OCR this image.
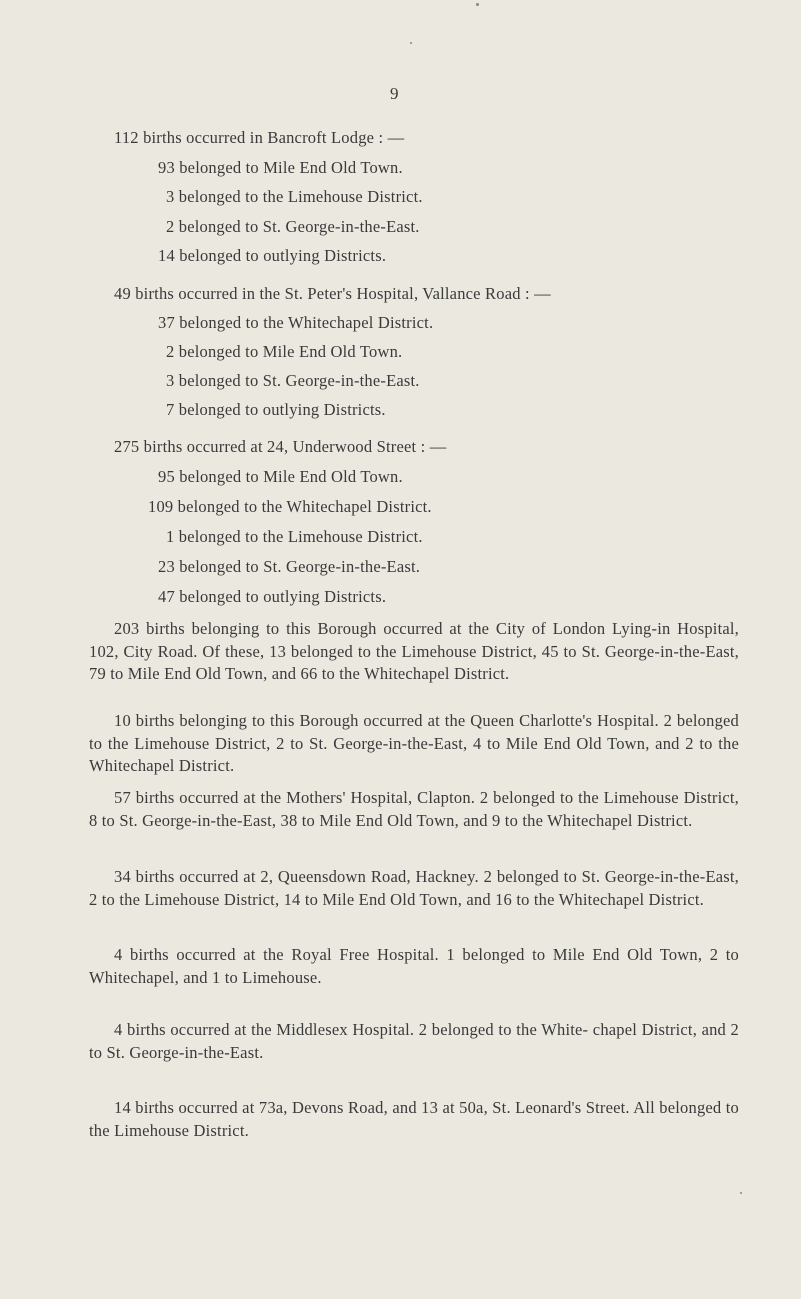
9
112 births occurred in Bancroft Lodge : —
93 belonged to Mile End Old Town.
3 belonged to the Limehouse District.
2 belonged to St. George-in-the-East.
14 belonged to outlying Districts.
49 births occurred in the St. Peter's Hospital, Vallance Road : —
37 belonged to the Whitechapel District.
2 belonged to Mile End Old Town.
3 belonged to St. George-in-the-East.
7 belonged to outlying Districts.
275 births occurred at 24, Underwood Street : —
95 belonged to Mile End Old Town.
109 belonged to the Whitechapel District.
1 belonged to the Limehouse District.
23 belonged to St. George-in-the-East.
47 belonged to outlying Districts.

203 births belonging to this Borough occurred at the City of London Lying-in Hospital, 102, City Road. Of these, 13 belonged to the Limehouse District, 45 to St. George-in-the-East, 79 to Mile End Old Town, and 66 to the Whitechapel District.

10 births belonging to this Borough occurred at the Queen Charlotte's Hospital. 2 belonged to the Limehouse District, 2 to St. George-in-the-East, 4 to Mile End Old Town, and 2 to the Whitechapel District.

57 births occurred at the Mothers' Hospital, Clapton. 2 belonged to the Limehouse District, 8 to St. George-in-the-East, 38 to Mile End Old Town, and 9 to the Whitechapel District.

34 births occurred at 2, Queensdown Road, Hackney. 2 belonged to St. George-in-the-East, 2 to the Limehouse District, 14 to Mile End Old Town, and 16 to the Whitechapel District.

4 births occurred at the Royal Free Hospital. 1 belonged to Mile End Old Town, 2 to Whitechapel, and 1 to Limehouse.

4 births occurred at the Middlesex Hospital. 2 belonged to the White- chapel District, and 2 to St. George-in-the-East.

14 births occurred at 73a, Devons Road, and 13 at 50a, St. Leonard's Street. All belonged to the Limehouse District.
